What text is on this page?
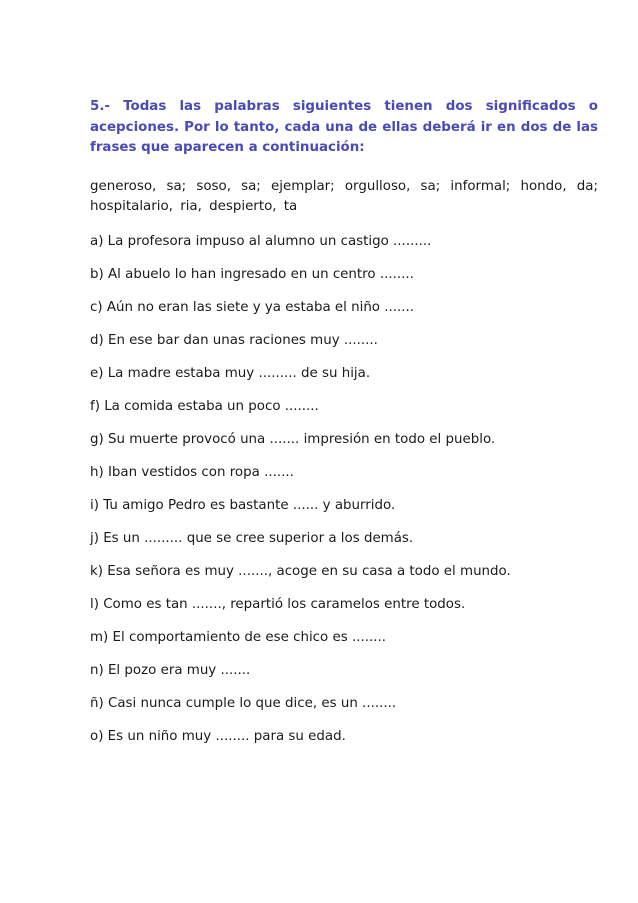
5.- Todas las palabras siguientes tienen dos significados o acepciones. Por lo tanto, cada una de ellas deberá ir en dos de las frases que aparecen a continuación:

generoso, sa; soso, sa; ejemplar; orgulloso, sa; informal; hondo, da; hospitalario, ria, despierto, ta

a) La profesora impuso al alumno un castigo .........
b) Al abuelo lo han ingresado en un centro ........
c) Aún no eran las siete y ya estaba el niño .......
d) En ese bar dan unas raciones muy ........
e) La madre estaba muy ......... de su hija.
f) La comida estaba un poco ........
g) Su muerte provocó una ....... impresión en todo el pueblo.
h) Iban vestidos con ropa .......
i) Tu amigo Pedro es bastante ...... y aburrido.
j) Es un ......... que se cree superior a los demás.
k) Esa señora es muy ......., acoge en su casa a todo el mundo.
l) Como es tan ......., repartió los caramelos entre todos.
m) El comportamiento de ese chico es ........
n) El pozo era muy .......
ñ) Casi nunca cumple lo que dice, es un ........
o) Es un niño muy ........ para su edad.
